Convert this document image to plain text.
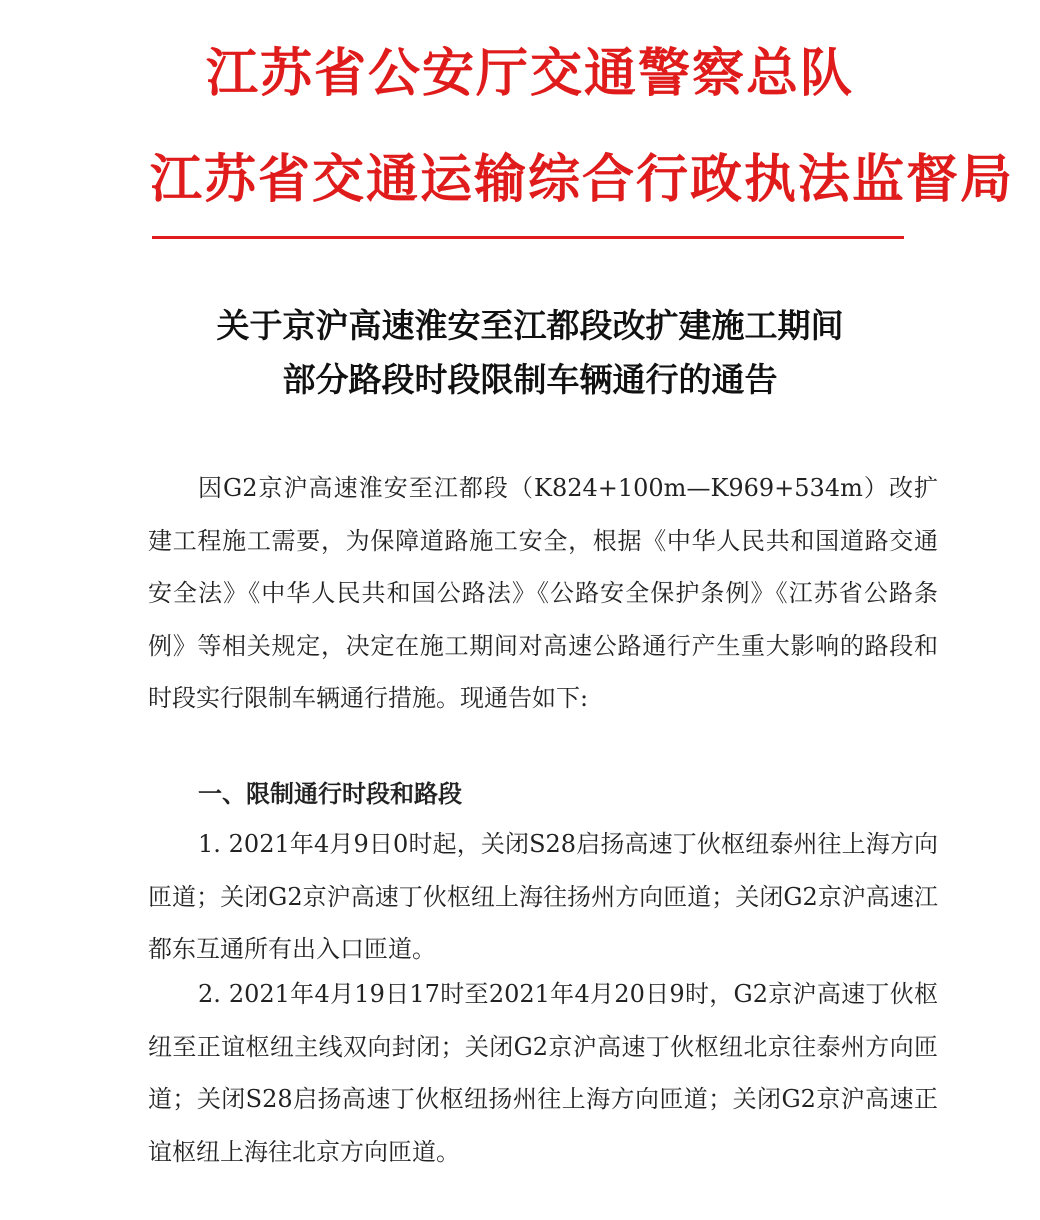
江苏省公安厅交通警察总队
江苏省交通运输综合行政执法监督局
关于京沪高速淮安至江都段改扩建施工期间
部分路段时段限制车辆通行的通告

因G2京沪高速淮安至江都段（K824+100m—K969+534m）改扩建工程施工需要，为保障道路施工安全，根据《中华人民共和国道路交通安全法》《中华人民共和国公路法》《公路安全保护条例》《江苏省公路条例》等相关规定，决定在施工期间对高速公路通行产生重大影响的路段和时段实行限制车辆通行措施。现通告如下:

一、限制通行时段和路段

1. 2021年4月9日0时起，关闭S28启扬高速丁伙枢纽泰州往上海方向匝道；关闭G2京沪高速丁伙枢纽上海往扬州方向匝道；关闭G2京沪高速江都东互通所有出入口匝道。

2. 2021年4月19日17时至2021年4月20日9时，G2京沪高速丁伙枢纽至正谊枢纽主线双向封闭；关闭G2京沪高速丁伙枢纽北京往泰州方向匝道；关闭S28启扬高速丁伙枢纽扬州往上海方向匝道；关闭G2京沪高速正谊枢纽上海往北京方向匝道。
